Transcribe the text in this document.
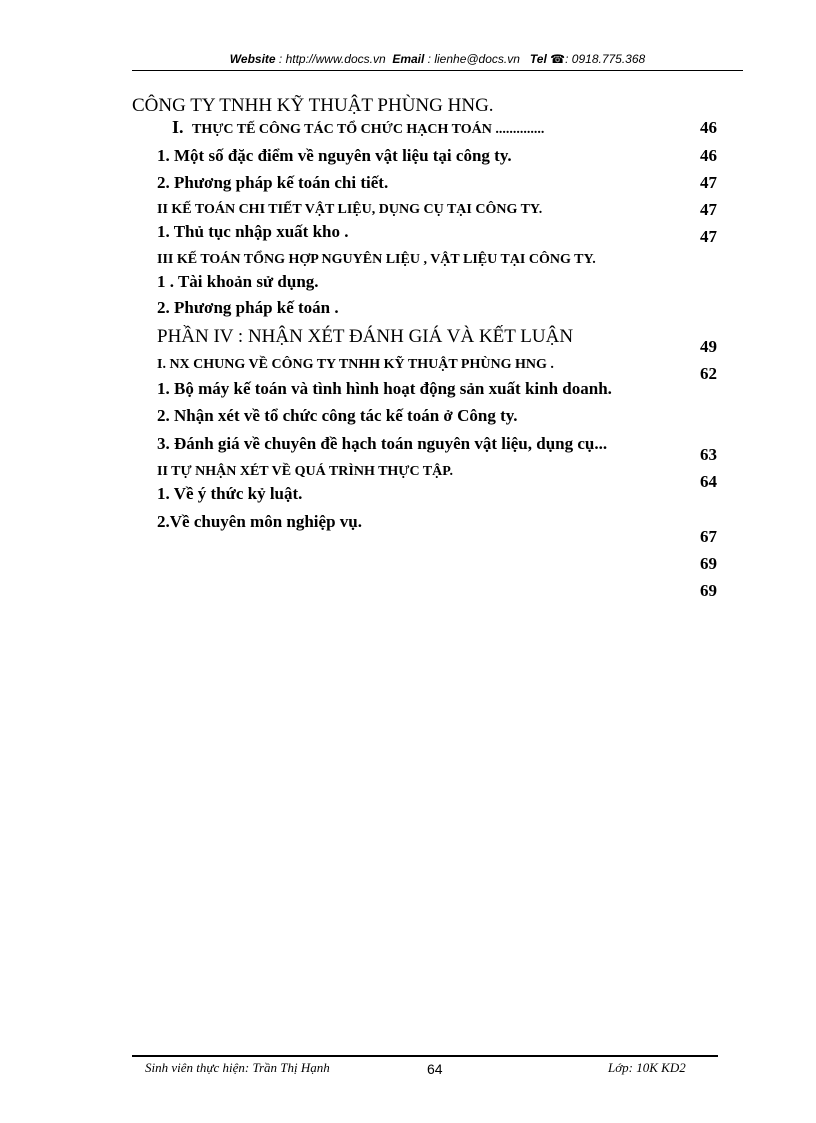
Website : http://www.docs.vn Email : lienhe@docs.vn Tel ☎: 0918.775.368
CÔNG TY TNHH KỸ THUẬT PHÙNG HNG.
I. THỰC TẾ CÔNG TÁC TỔ CHỨC HẠCH TOÁN ..............
1. Một số đặc điểm về nguyên vật liệu tại công ty.
2. Phương pháp kế toán chi tiết.
II KẾ TOÁN CHI TIẾT VẬT LIỆU, DỤNG CỤ TẠI CÔNG TY.
1. Thủ tục nhập xuất kho .
III KẾ TOÁN TỔNG HỢP NGUYÊN LIỆU , VẬT LIỆU TẠI CÔNG TY.
1 . Tài khoản sử dụng.
2. Phương pháp kế toán .
PHẦN IV : NHẬN XÉT ĐÁNH GIÁ VÀ KẾT LUẬN
I. NX CHUNG VỀ CÔNG TY TNHH KỸ THUẬT PHÙNG HNG .
1. Bộ máy kế toán và tình hình hoạt động sản xuất kinh doanh.
2. Nhận xét về tổ chức công tác kế toán ở Công ty.
3. Đánh giá về chuyên đề hạch toán nguyên vật liệu, dụng cụ...
II TỰ NHẬN XÉT VỀ QUÁ TRÌNH THỰC TẬP.
1. Về ý thức kỷ luật.
2.Về chuyên môn nghiệp vụ.
46
46
47
47
47
49
62
63
64
67
69
69
Sinh viên thực hiện: Trần Thị Hạnh	64	Lớp: 10K KD2
